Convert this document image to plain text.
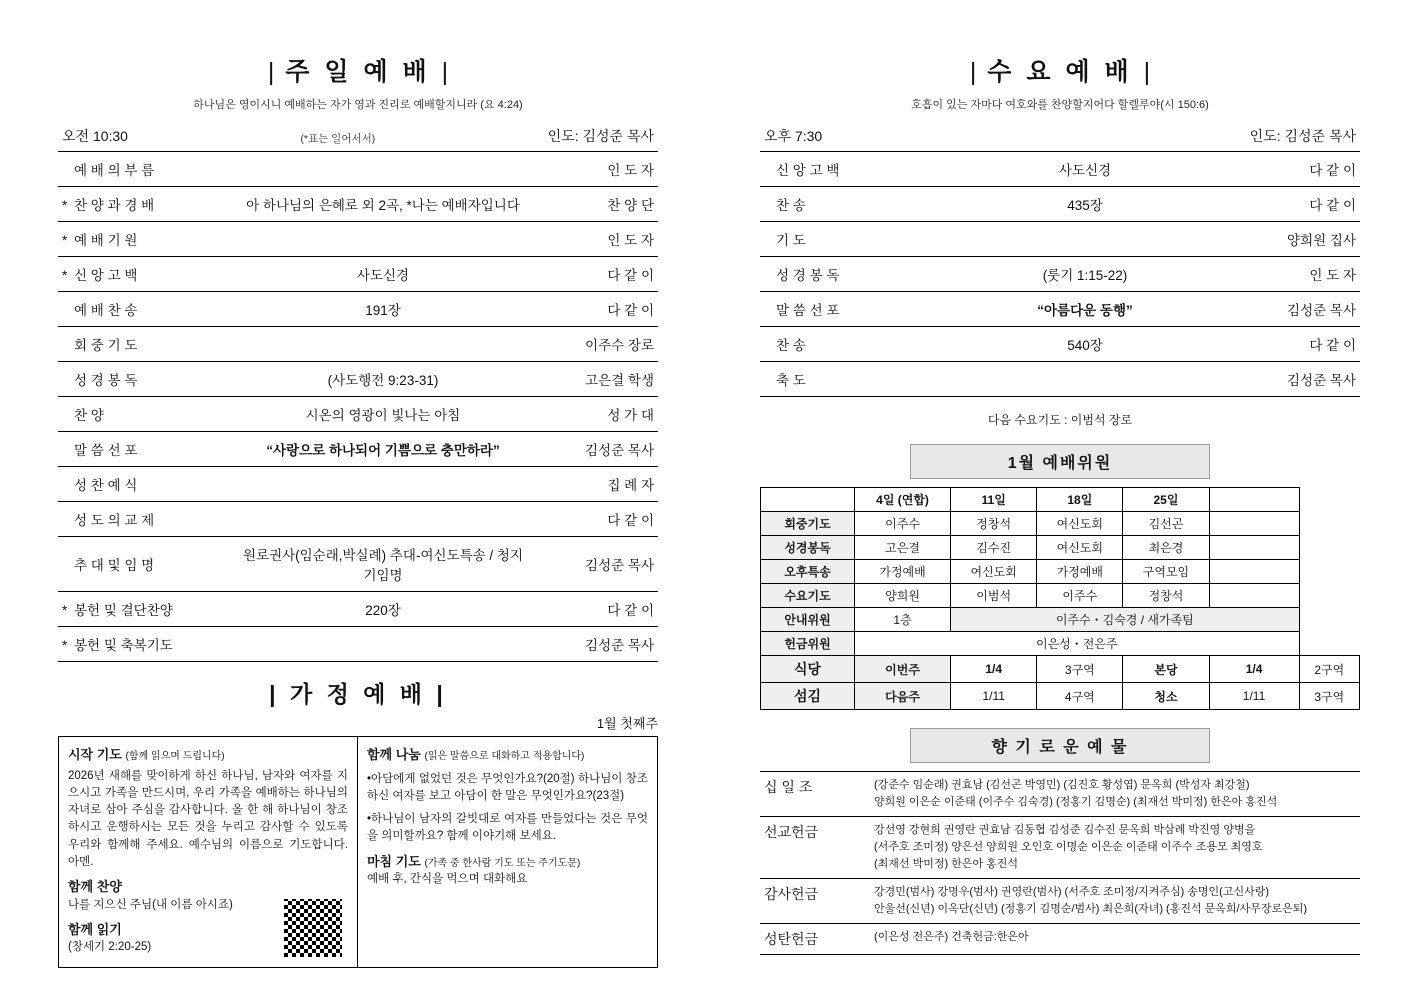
| 주 일 예 배 |
하나님은 영이시니 예배하는 자가 영과 진리로 예배할지니라 (요 4:24)
오전 10:30	(*표는 일어서서)	인도: 김성준 목사
예 배 의 부 름		인 도 자
* 찬 양 과 경 배	아 하나님의 은혜로 외 2곡, *나는 예배자입니다	찬 양 단
* 예 배 기 원		인 도 자
* 신 앙 고 백	사도신경	다 같 이
예 배 찬 송	191장	다 같 이
회 중 기 도		이주수 장로
성 경 봉 독	(사도행전 9:23-31)	고은결 학생
찬 양	시온의 영광이 빛나는 아침	성 가 대
말 씀 선 포	“사랑으로 하나되어 기쁨으로 충만하라”	김성준 목사
성 찬 예 식		집 례 자
성 도 의 교 제		다 같 이
추 대 및 임 명	원로권사(임순래,박실례) 추대-여신도특송 / 청지기임명	김성준 목사
* 봉헌 및 결단찬양	220장	다 같 이
* 봉헌 및 축복기도		김성준 목사
| 가 정 예 배 |
1월 첫째주
시작 기도 (함께 읽으며 드립니다)
2026년 새해를 맞이하게 하신 하나님, 남자와 여자를 지으시고 가족을 만드시며, 우리 가족을 예배하는 하나님의 자녀로 삼아 주심을 감사합니다. 올 한 해 하나님이 창조하시고 운행하시는 모든 것을 누리고 감사할 수 있도록 우리와 함께해 주세요. 예수님의 이름으로 기도합니다. 아멘.
함께 찬양
나를 지으신 주님(내 이름 아시죠)
함께 읽기
(창세기 2:20-25)
함께 나눔 (읽은 말씀으로 대화하고 적용합니다)
•아담에게 없었던 것은 무엇인가요?(20절) 하나님이 창조하신 여자를 보고 아담이 한 말은 무엇인가요?(23절)
•하나님이 남자의 갈빗대로 여자를 만들었다는 것은 무엇을 의미할까요? 함께 이야기해 보세요.
마침 기도 (가족 중 한사람 기도 또는 주기도문)
예배 후, 간식을 먹으며 대화해요
| 수 요 예 배 |
호흡이 있는 자마다 여호와를 찬양할지어다 할렐루야(시 150:6)
오후 7:30	인도: 김성준 목사
신 앙 고 백	사도신경	다 같 이
찬 송	435장	다 같 이
기 도		양희원 집사
성 경 봉 독	(룻기 1:15-22)	인 도 자
말 씀 선 포	“아름다운 동행”	김성준 목사
찬 송	540장	다 같 이
축 도		김성준 목사
다음 수요기도 : 이범석 장로
1월 예배위원
	4일 (연합)	11일	18일	25일		
회중기도	이주수	정창석	여신도회	김선곤		
성경봉독	고은결	김수진	여신도회	최은경		
오후특송	가정예배	여신도회	가정예배	구역모임		
수요기도	양희원	이범석	이주수	정창석		
안내위원	1층	이주수・김숙경 / 새가족팀				
헌금위원	이은성・전은주					
식당	이번주	1/4	3구역	본당	1/4	2구역
섬김	다음주	1/11	4구역	청소	1/11	3구역
향 기 로 운 예 물
십 일 조	(강준수 임순래) 권효남 (김선곤 박영민) (김진호 황성엽) 문옥희 (박성자 최강철)
양희원 이은순 이준태 (이주수 김숙경) (정홍기 김명순) (최재선 박미정) 한은아 홍진석

선교헌금	강선영 강현희 권영란 권효남 김동협 김성준 김수진 문옥희 박삼례 박진영 양병을
(서주호 조미정) 양은선 양희원 오인호 이명순 이은순 이준태 이주수 조용모 최영호
(최재선 박미정) 한은아 홍진석

감사헌금	강경민(범사) 강명우(범사) 권영란(범사) (서주호 조미정/지켜주심) 송명인(고신사랑)
안울선(신년) 이옥단(신년) (정홍기 김명순/범사) 최은희(자녀) (홍진석 문옥희/사무장로은퇴)

성탄헌금	(이은성 전은주) 건축헌금:한은아
